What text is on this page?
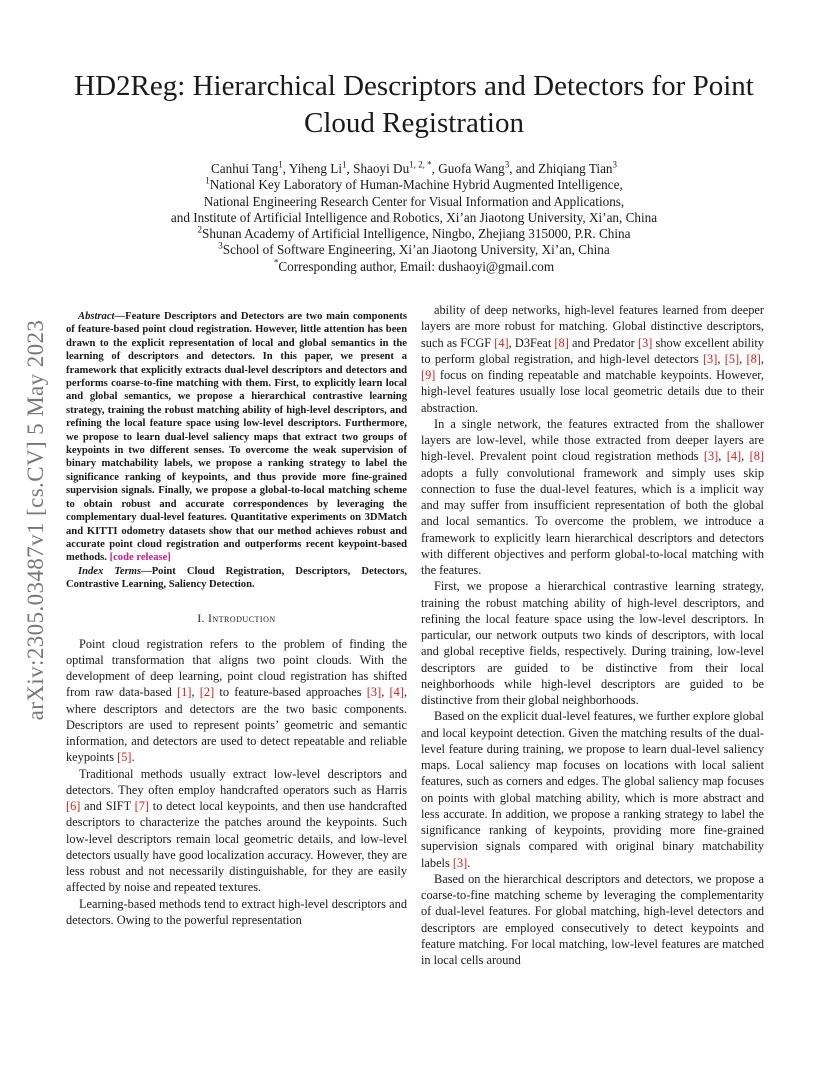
arXiv:2305.03487v1 [cs.CV] 5 May 2023
HD2Reg: Hierarchical Descriptors and Detectors for Point Cloud Registration
Canhui Tang$^1$, Yiheng Li$^1$, Shaoyi $Du^{1, 2, *}$, Guofa Wang$^3$, and Zhiqiang Tian$^3$
$^1$National Key Laboratory of Human-Machine Hybrid Augmented Intelligence,
National Engineering Research Center for Visual Information and Applications,
and Institute of Artificial Intelligence and Robotics, Xi’an Jiaotong University, Xi’an, China
$^2$Shunan Academy of Artificial Intelligence, Ningbo, Zhejiang 315000, P.R. China
$^3$School of Software Engineering, Xi’an Jiaotong University, Xi’an, China
*Corresponding author, Email: dushaoyi@gmail.com

Abstract—Feature Descriptors and Detectors are two main components of feature-based point cloud registration. However, little attention has been drawn to the explicit representation of local and global semantics in the learning of descriptors and detectors. In this paper, we present a framework that explicitly extracts dual-level descriptors and detectors and performs coarse-to-fine matching with them. First, to explicitly learn local and global semantics, we propose a hierarchical contrastive learning strategy, training the robust matching ability of high-level descriptors, and refining the local feature space using low-level descriptors. Furthermore, we propose to learn dual-level saliency maps that extract two groups of keypoints in two different senses. To overcome the weak supervision of binary matchability labels, we propose a ranking strategy to label the significance ranking of keypoints, and thus provide more fine-grained supervision signals. Finally, we propose a global-to-local matching scheme to obtain robust and accurate correspondences by leveraging the complementary dual-level features. Quantitative experiments on 3DMatch and KITTI odometry datasets show that our method achieves robust and accurate point cloud registration and outperforms recent keypoint-based methods. [code release]

Index Terms—Point Cloud Registration, Descriptors, Detectors, Contrastive Learning, Saliency Detection.

I. Introduction

Point cloud registration refers to the problem of finding the optimal transformation that aligns two point clouds. With the development of deep learning, point cloud registration has shifted from raw data-based [1], [2] to feature-based approaches [3], [4], where descriptors and detectors are the two basic components. Descriptors are used to represent points’ geometric and semantic information, and detectors are used to detect repeatable and reliable keypoints [5].

Traditional methods usually extract low-level descriptors and detectors. They often employ handcrafted operators such as Harris [6] and SIFT [7] to detect local keypoints, and then use handcrafted descriptors to characterize the patches around the keypoints. Such low-level descriptors remain local geometric details, and low-level detectors usually have good localization accuracy. However, they are less robust and not necessarily distinguishable, for they are easily affected by noise and repeated textures.

Learning-based methods tend to extract high-level descriptors and detectors. Owing to the powerful representation

ability of deep networks, high-level features learned from deeper layers are more robust for matching. Global distinctive descriptors, such as FCGF [4], D3Feat [8] and Predator [3] show excellent ability to perform global registration, and high-level detectors [3], [5], [8], [9] focus on finding repeatable and matchable keypoints. However, high-level features usually lose local geometric details due to their abstraction.

In a single network, the features extracted from the shallower layers are low-level, while those extracted from deeper layers are high-level. Prevalent point cloud registration methods [3], [4], [8] adopts a fully convolutional framework and simply uses skip connection to fuse the dual-level features, which is a implicit way and may suffer from insufficient representation of both the global and local semantics. To overcome the problem, we introduce a framework to explicitly learn hierarchical descriptors and detectors with different objectives and perform global-to-local matching with the features.

First, we propose a hierarchical contrastive learning strategy, training the robust matching ability of high-level descriptors, and refining the local feature space using the low-level descriptors. In particular, our network outputs two kinds of descriptors, with local and global receptive fields, respectively. During training, low-level descriptors are guided to be distinctive from their local neighborhoods while high-level descriptors are guided to be distinctive from their global neighborhoods.

Based on the explicit dual-level features, we further explore global and local keypoint detection. Given the matching results of the dual-level feature during training, we propose to learn dual-level saliency maps. Local saliency map focuses on locations with local salient features, such as corners and edges. The global saliency map focuses on points with global matching ability, which is more abstract and less accurate. In addition, we propose a ranking strategy to label the significance ranking of keypoints, providing more fine-grained supervision signals compared with original binary matchability labels [3].

Based on the hierarchical descriptors and detectors, we propose a coarse-to-fine matching scheme by leveraging the complementarity of dual-level features. For global matching, high-level detectors and descriptors are employed consecutively to detect keypoints and feature matching. For local matching, low-level features are matched in local cells around
